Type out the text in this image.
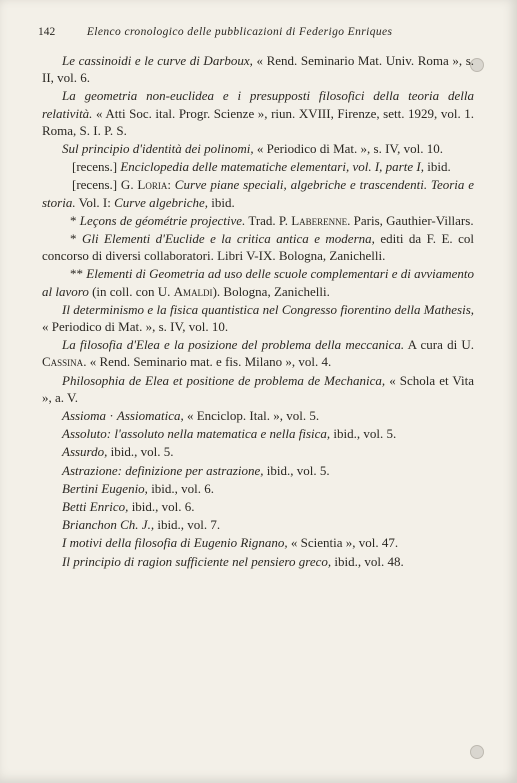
142	Elenco cronologico delle pubblicazioni di Federigo Enriques

Le cassinoidi e le curve di Darboux, « Rend. Seminario Mat. Univ. Roma », s. II, vol. 6.

La geometria non-euclidea e i presupposti filosofici della teoria della relatività. « Atti Soc. ital. Progr. Scienze », riun. XVIII, Firenze, sett. 1929, vol. 1. Roma, S. I. P. S.

Sul principio d'identità dei polinomi, « Periodico di Mat. », s. IV, vol. 10.

[recens.] Enciclopedia delle matematiche elementari, vol. I, parte I, ibid.

[recens.] G. Loria: Curve piane speciali, algebriche e trascendenti. Teoria e storia. Vol. I: Curve algebriche, ibid.

* Leçons de géométrie projective. Trad. P. Laberenne. Paris, Gauthier-Villars.

* Gli Elementi d'Euclide e la critica antica e moderna, editi da F. E. col concorso di diversi collaboratori. Libri V-IX. Bologna, Zanichelli.

** Elementi di Geometria ad uso delle scuole complementari e di avviamento al lavoro (in coll. con U. Amaldi). Bologna, Zanichelli.

Il determinismo e la fisica quantistica nel Congresso fiorentino della Mathesis, « Periodico di Mat. », s. IV, vol. 10.

La filosofia d'Elea e la posizione del problema della meccanica. A cura di U. Cassina. « Rend. Seminario mat. e fis. Milano », vol. 4.

Philosophia de Elea et positione de problema de Mechanica, « Schola et Vita », a. V.

Assioma · Assiomatica, « Enciclop. Ital. », vol. 5.

Assoluto: l'assoluto nella matematica e nella fisica, ibid., vol. 5.

Assurdo, ibid., vol. 5.

Astrazione: definizione per astrazione, ibid., vol. 5.

Bertini Eugenio, ibid., vol. 6.

Betti Enrico, ibid., vol. 6.

Brianchon Ch. J., ibid., vol. 7.

I motivi della filosofia di Eugenio Rignano, « Scientia », vol. 47.

Il principio di ragion sufficiente nel pensiero greco, ibid., vol. 48.
